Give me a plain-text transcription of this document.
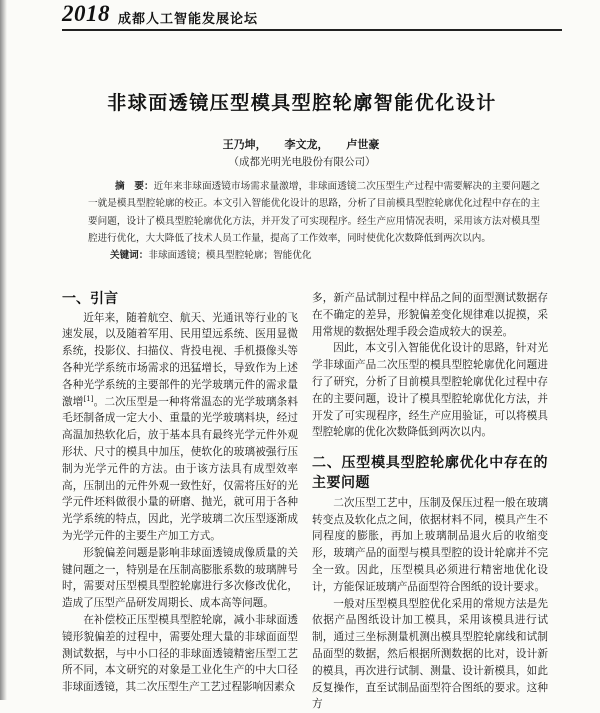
2018 成都人工智能发展论坛
非球面透镜压型模具型腔轮廓智能优化设计
王乃坤， 李文龙， 卢世豪
（成都光明光电股份有限公司）

摘　要：近年来非球面透镜市场需求量激增，非球面透镜二次压型生产过程中需要解决的主要问题之一就是模具型腔轮廓的校正。本文引入智能优化设计的思路，分析了目前模具型腔轮廓优化过程中存在的主要问题，设计了模具型腔轮廓优化方法，并开发了可实现程序。经生产应用情况表明，采用该方法对模具型腔进行优化，大大降低了技术人员工作量，提高了工作效率，同时使优化次数降低到两次以内。

关键词：非球面透镜；模具型腔轮廓；智能优化

一、引言

近年来，随着航空、航天、光通讯等行业的飞速发展，以及随着军用、民用望远系统、医用显微系统，投影仪、扫描仪、背投电视、手机摄像头等各种光学系统市场需求的迅猛增长，导致作为上述各种光学系统的主要部件的光学玻璃元件的需求量激增[1]。二次压型是一种将常温态的光学玻璃条料毛坯制备成一定大小、重量的光学玻璃料块，经过高温加热软化后，放于基本具有最终光学元件外观形状、尺寸的模具中加压，使软化的玻璃被强行压制为光学元件的方法。由于该方法具有成型效率高，压制出的元件外观一致性好，仅需将压好的光学元件坯料做很小量的研磨、抛光，就可用于各种光学系统的特点，因此，光学玻璃二次压型逐渐成为光学元件的主要生产加工方式。

形貌偏差问题是影响非球面透镜成像质量的关键问题之一，特别是在压制高膨胀系数的玻璃牌号时，需要对压型模具型腔轮廓进行多次修改优化，造成了压型产品研发周期长、成本高等问题。

在补偿校正压型模具型腔轮廓，减小非球面透镜形貌偏差的过程中，需要处理大量的非球面面型测试数据，与中小口径的非球面透镜精密压型工艺所不同，本文研究的对象是工业化生产的中大口径非球面透镜，其二次压型生产工艺过程影响因素众

多，新产品试制过程中样品之间的面型测试数据存在不确定的差异，形貌偏差变化规律难以捉摸，采用常规的数据处理手段会造成较大的误差。

因此，本文引入智能优化设计的思路，针对光学非球面产品二次压型的模具型腔轮廓优化问题进行了研究，分析了目前模具型腔轮廓优化过程中存在的主要问题，设计了模具型腔轮廓优化方法，并开发了可实现程序，经生产应用验证，可以将模具型腔轮廓的优化次数降低到两次以内。

二、压型模具型腔轮廓优化中存在的主要问题

二次压型工艺中，压制及保压过程一般在玻璃转变点及软化点之间，依据材料不同，模具产生不同程度的膨胀，再加上玻璃制品退火后的收缩变形，玻璃产品的面型与模具型腔的设计轮廓并不完全一致。因此，压型模具必须进行精密地优化设计，方能保证玻璃产品面型符合图纸的设计要求。

一般对压型模具型腔优化采用的常规方法是先依据产品图纸设计加工模具，采用该模具进行试制，通过三坐标测量机测出模具型腔轮廓线和试制品面型的数据，然后根据所测数据的比对，设计新的模具，再次进行试制、测量、设计新模具，如此反复操作，直至试制品面型符合图纸的要求。这种方
